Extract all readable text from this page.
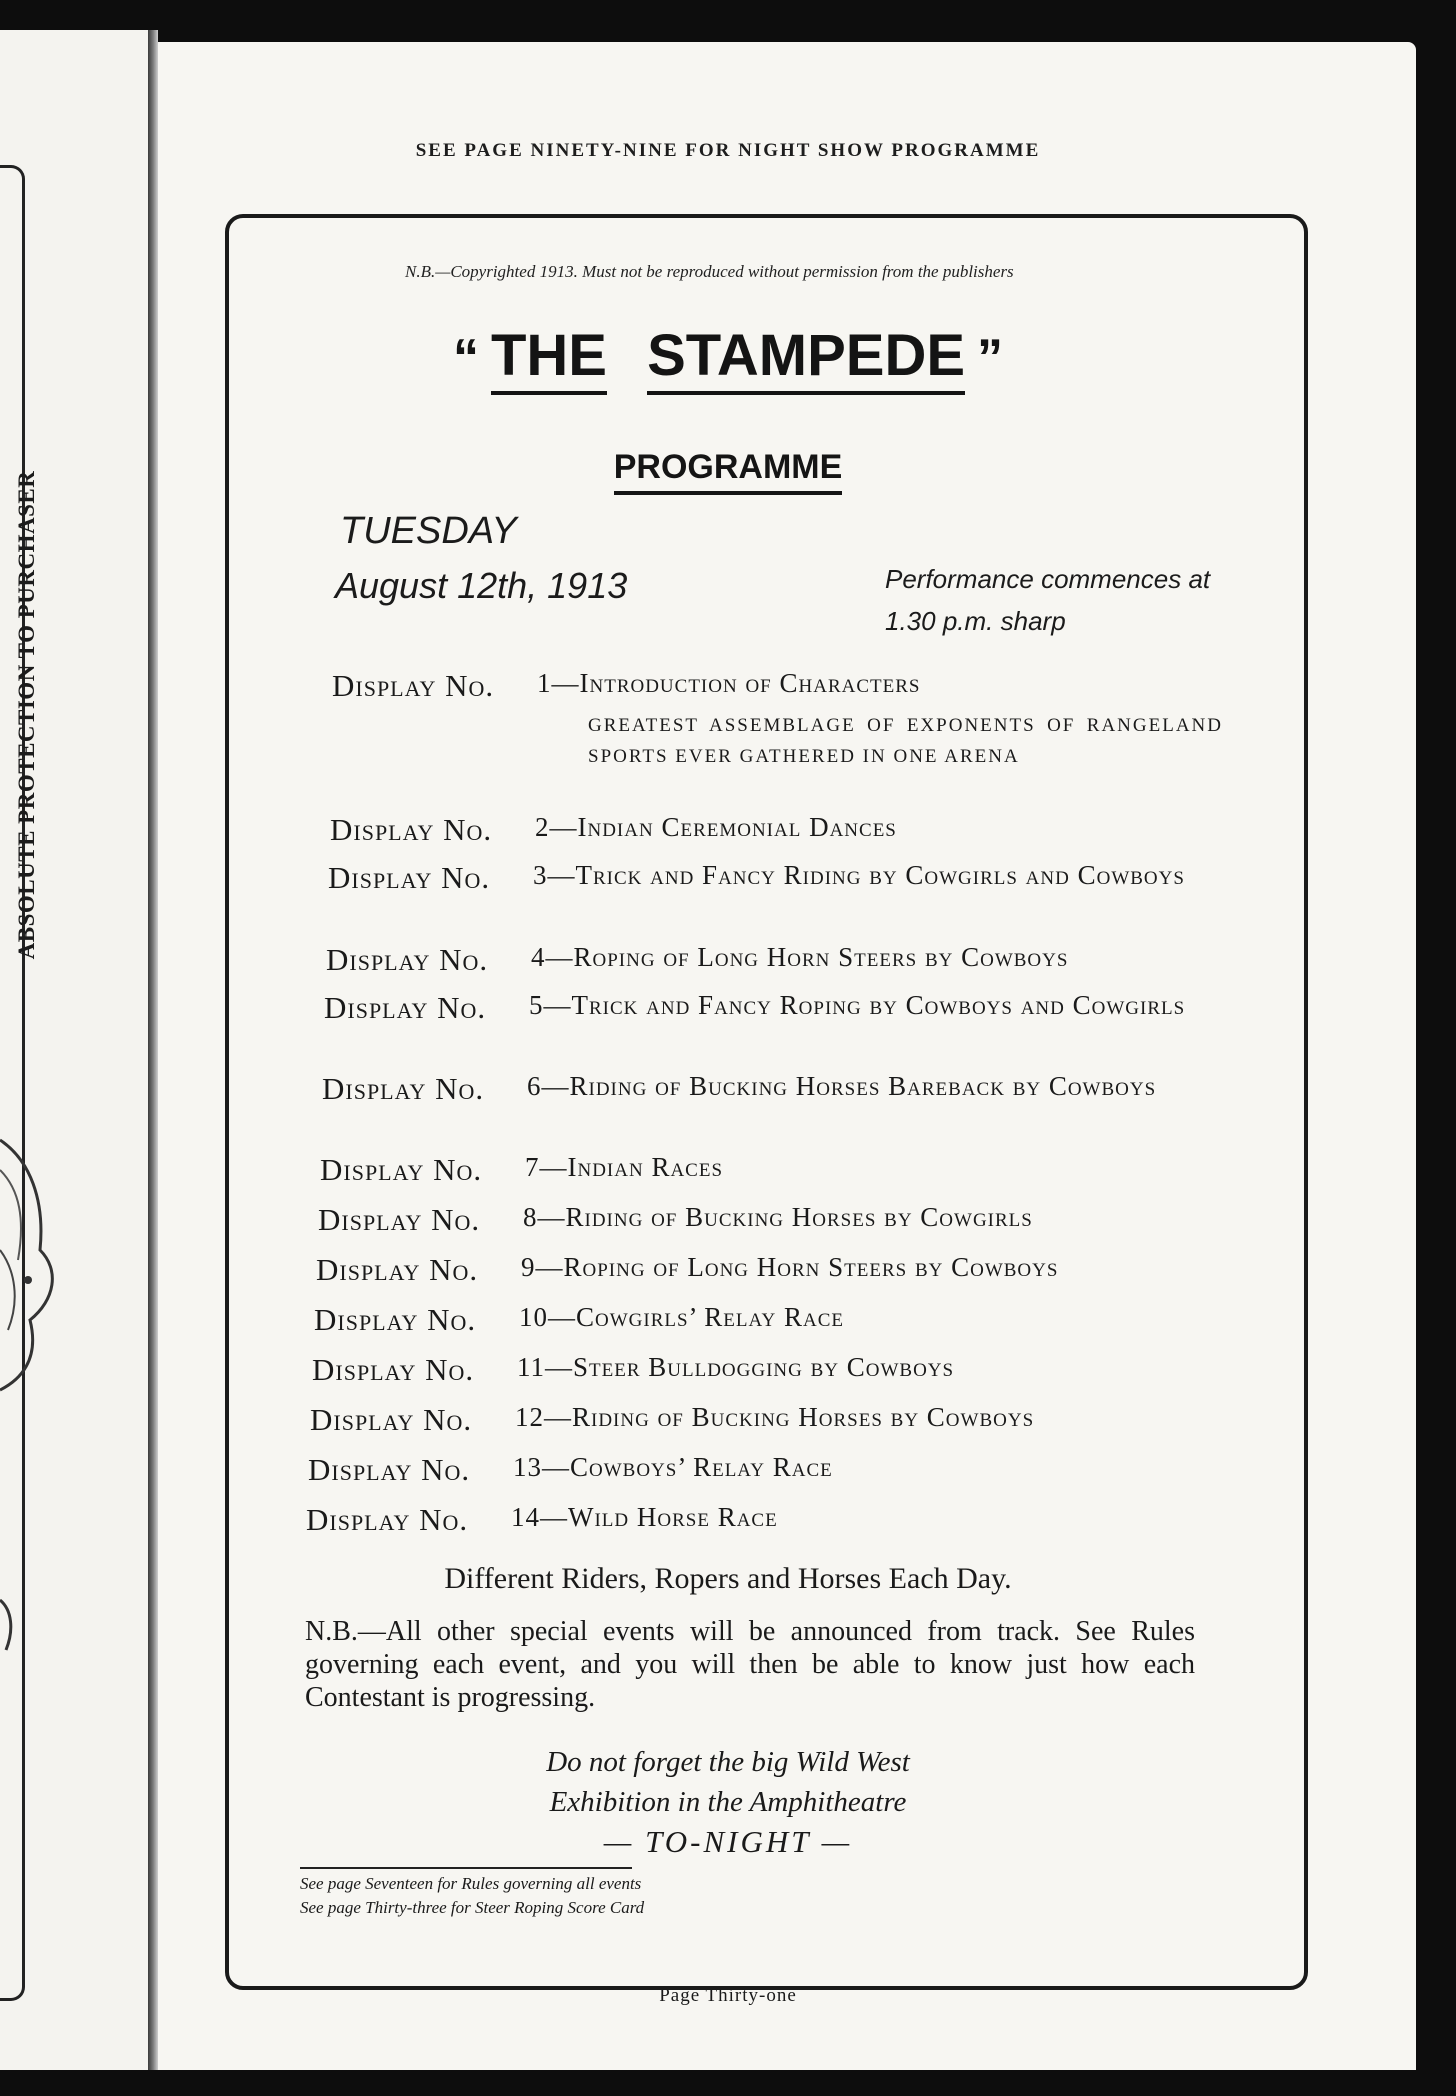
ABSOLUTE PROTECTION TO PURCHASER
SEE PAGE NINETY-NINE FOR NIGHT SHOW PROGRAMME
N.B.—Copyrighted 1913. Must not be reproduced without permission from the publishers
“ THE STAMPEDE ”
PROGRAMME
TUESDAY
August 12th, 1913	Performance commences at
1.30 p.m. sharp
Display No.	1—Introduction of Characters
Display No.	2—Indian Ceremonial Dances
Display No.	3—Trick and Fancy Riding by Cowgirls and Cowboys
Display No.	4—Roping of Long Horn Steers by Cowboys
Display No.	5—Trick and Fancy Roping by Cowboys and Cowgirls
Display No.	6—Riding of Bucking Horses Bareback by Cowboys
Display No.	7—Indian Races
Display No.	8—Riding of Bucking Horses by Cowgirls
Display No.	9—Roping of Long Horn Steers by Cowboys
Display No.	10—Cowgirls’ Relay Race
Display No.	11—Steer Bulldogging by Cowboys
Display No.	12—Riding of Bucking Horses by Cowboys
Display No.	13—Cowboys’ Relay Race
Display No.	14—Wild Horse Race
GREATEST ASSEMBLAGE OF EXPONENTS OF RANGELAND SPORTS EVER GATHERED IN ONE ARENA
Different Riders, Ropers and Horses Each Day.
N.B.—All other special events will be announced from track. See Rules governing each event, and you will then be able to know just how each Contestant is progressing.
Do not forget the big Wild West
Exhibition in the Amphitheatre
— TO-NIGHT —
See page Seventeen for Rules governing all events
See page Thirty-three for Steer Roping Score Card
Page Thirty-one
